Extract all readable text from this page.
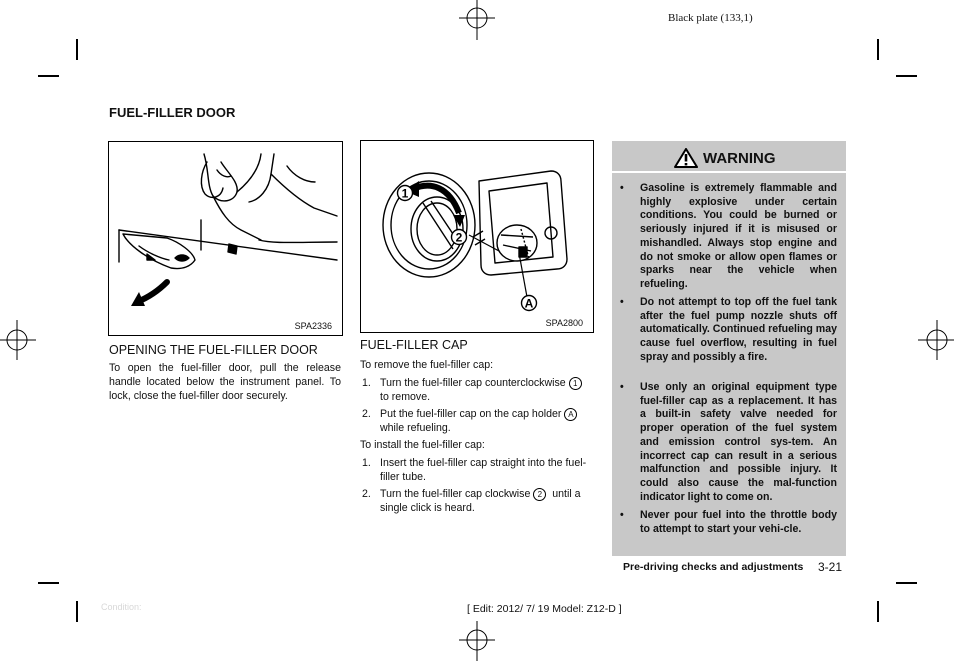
Black plate (133,1)
FUEL-FILLER DOOR
SPA2336
1
2
A
SPA2800
OPENING THE FUEL-FILLER DOOR
To open the fuel-filler door, pull the release handle located below the instrument panel. To lock, close the fuel-filler door securely.
FUEL-FILLER CAP
To remove the fuel-filler cap:
1. Turn the fuel-filler cap counterclockwise 1
to remove.
2. Put the fuel-filler cap on the cap holder A
while refueling.
To install the fuel-filler cap:
1. Insert the fuel-filler cap straight into the fuel-
filler tube.
2. Turn the fuel-filler cap clockwise 2 until a
single click is heard.
WARNING
• Gasoline is extremely flammable and highly explosive under certain conditions. You could be burned or seriously injured if it is misused or mishandled. Always stop engine and do not smoke or allow open flames or sparks near the vehicle when refueling.
• Do not attempt to top off the fuel tank after the fuel pump nozzle shuts off automatically. Continued refueling may cause fuel overflow, resulting in fuel spray and possibly a fire.
• Use only an original equipment type fuel-filler cap as a replacement. It has a built-in safety valve needed for proper operation of the fuel system and emission control sys-tem. An incorrect cap can result in a serious malfunction and possible injury. It could also cause the mal-function indicator light to come on.
• Never pour fuel into the throttle body to attempt to start your vehi-cle.
Pre-driving checks and adjustments 3-21
Condition:	[ Edit: 2012/ 7/ 19 Model: Z12-D ]
